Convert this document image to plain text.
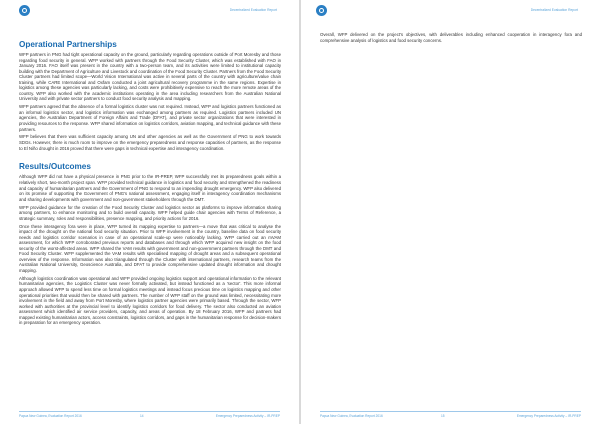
Decentralized Evaluation Report
Operational Partnerships

WFP partners in PNG had tight operational capacity on the ground, particularly regarding operations outside of Port Moresby and those regarding food security in general. WFP worked with partners through the Food Security Cluster, which was established with FAO in January 2016. FAO itself was present in the country with a two-person team, and its activities were limited to institutional capacity building with the Department of Agriculture and Livestock and coordination of the Food Security Cluster. Partners from the Food Security Cluster partners had limited scope—World Vision International was active in several parts of the country with agriculture/value chain training, while CARE International and Oxfam conducted a joint agricultural recovery programme in the same regions. Expertise in logistics among these agencies was particularly lacking, and costs were prohibitively expensive to reach the more remote areas of the country. WFP also worked with the academic institutions operating in the area including researchers from the Australian National University and with private sector partners to conduct food security analysis and mapping.

WFP partners agreed that the absence of a formal logistics cluster was not required. Instead, WFP and logistics partners functioned as an informal logistics sector, and logistics information was exchanged among partners as required. Logistics partners included UN agencies, the Australian Department of Foreign Affairs and Trade (DFAT), and private sector organizations that were interested in providing resources to the response. WFP shared information on logistics corridors, aviation mapping, and technical guidance with these partners.

WFP believes that there was sufficient capacity among UN and other agencies as well as the Government of PNG to work towards SDGs. However, there is much room to improve on the emergency preparedness and response capacities of partners, as the response to El Niño drought in 2016 proved that there were gaps in technical expertise and interagency coordination.

Results/Outcomes

Although WFP did not have a physical presence in PNG prior to the IR-PREP, WFP successfully met its preparedness goals within a relatively short, two-month project span. WFP provided technical guidance in logistics and food security and strengthened the readiness and capacity of humanitarian partners and the Government of PNG to respond to an impending drought emergency. WFP also delivered on its promise of supporting the Government of PNG's national assessment, engaging itself in interagency coordination mechanisms and sharing developments with government and non-government stakeholders through the DMT.

WFP provided guidance for the creation of the Food Security Cluster and logistics sector as platforms to improve information sharing among partners, to enhance monitoring and to build overall capacity. WFP helped guide chair agencies with Terms of Reference, a strategic summary, roles and responsibilities, presence mapping, and priority actions for 2016.

Once these interagency fora were in place, WFP turned its mapping expertise to partners—a move that was critical to analyse the impact of the drought on the national food security situation. Prior to WFP involvement in the country, baseline data on food security needs and logistics corridor scenarios in case of an operational scale-up were noticeably lacking. WFP carried out an mVAM assessment, for which WFP corroborated previous reports and databases and through which WFP acquired new insight on the food security of the worst-affected areas. WFP shared the VAM results with government and non-government partners through the DMT and Food Security Cluster. WFP supplemented the VAM results with specialised mapping of drought areas and a subsequent operational overview of the response. Information was also triangulated through the Cluster with international partners, research teams from the Australian National University, Geoscience Australia, and DFAT to provide comprehensive updated drought information and drought mapping.

Although logistics coordination was operational and WFP provided ongoing logistics support and operational information to the relevant humanitarian agencies, the Logistics Cluster was never formally activated, but instead functioned as a 'sector'. This more informal approach allowed WFP to spend less time on formal logistics meetings and instead focus precious time on logistics mapping and other operational priorities that would then be shared with partners. The number of WFP staff on the ground was limited, necessitating more involvement in the field and away from Port Moresby, where logistics partner agencies were primarily based. Through the sector, WFP worked with authorities at the provincial level to identify logistics corridors for food delivery. The sector also conducted an aviation assessment which identified air service providers, capacity, and areas of operation. By 18 February 2016, WFP and partners had mapped existing humanitarian actors, access constraints, logistics corridors, and gaps in the humanitarian response for decision-makers in preparation for an emergency operation.

Papua New Guinea, Evaluation Report 2016	14	Emergency Preparedness Activity – IR-PREP
Decentralized Evaluation Report

Overall, WFP delivered on the project's objectives, with deliverables including enhanced cooperation in interagency fora and comprehensive analysis of logistics and food security concerns.

Papua New Guinea, Evaluation Report 2016	15	Emergency Preparedness Activity – IR-PREP
